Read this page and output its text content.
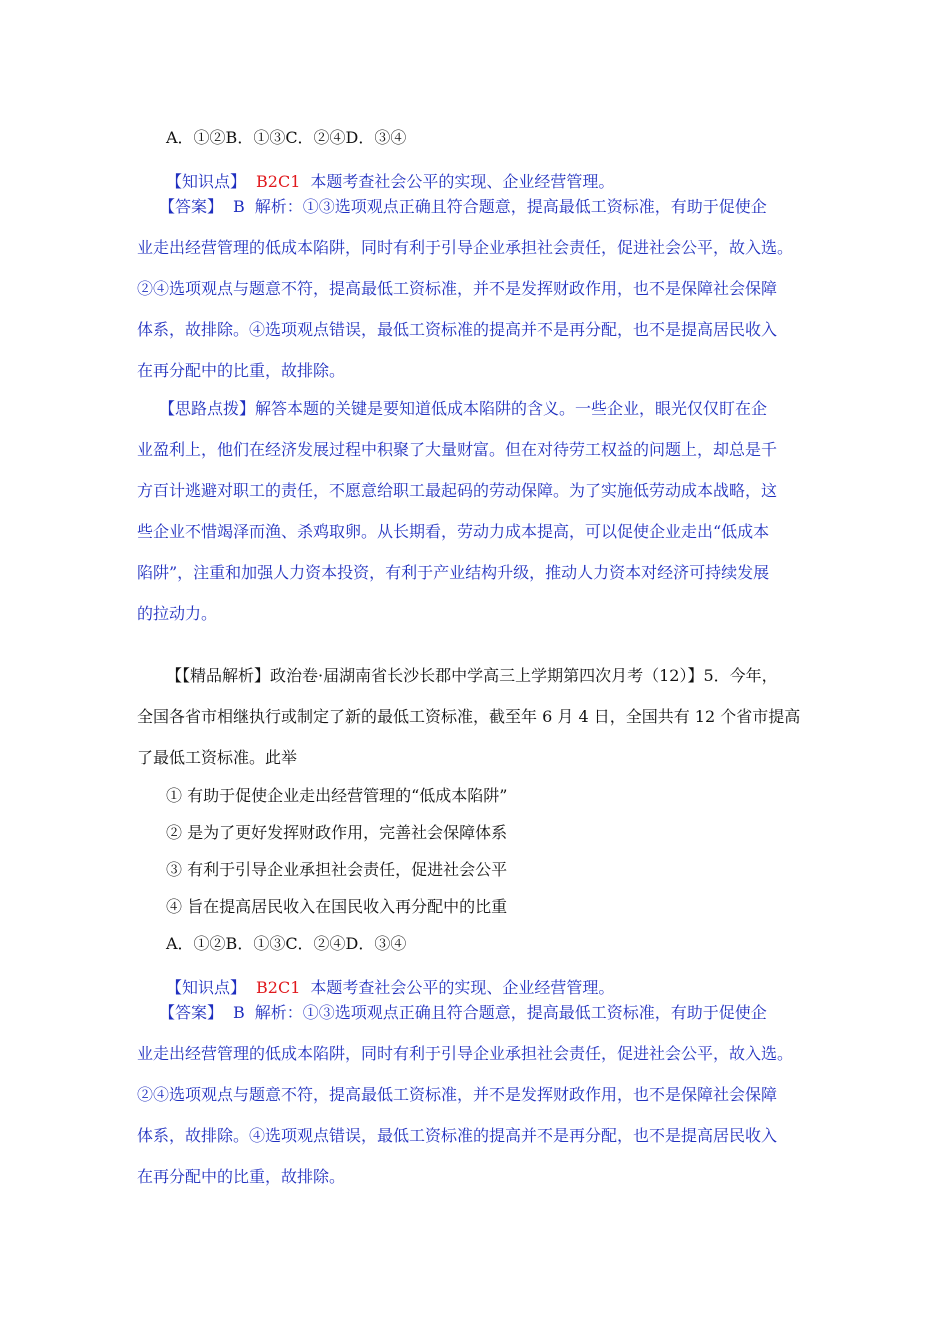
A．①②B．①③C．②④D．③④
【知识点】 B2C1 本题考查社会公平的实现、企业经营管理。
【答案】 B 解析：①③选项观点正确且符合题意，提高最低工资标准，有助于促使企
业走出经营管理的低成本陷阱，同时有利于引导企业承担社会责任，促进社会公平，故入选。
②④选项观点与题意不符，提高最低工资标准，并不是发挥财政作用，也不是保障社会保障
体系，故排除。④选项观点错误，最低工资标准的提高并不是再分配，也不是提高居民收入
在再分配中的比重，故排除。
【思路点拨】解答本题的关键是要知道低成本陷阱的含义。一些企业，眼光仅仅盯在企
业盈利上，他们在经济发展过程中积聚了大量财富。但在对待劳工权益的问题上，却总是千
方百计逃避对职工的责任，不愿意给职工最起码的劳动保障。为了实施低劳动成本战略，这
些企业不惜竭泽而渔、杀鸡取卵。从长期看，劳动力成本提高，可以促使企业走出“低成本
陷阱”，注重和加强人力资本投资，有利于产业结构升级，推动人力资本对经济可持续发展
的拉动力。
【【精品解析】政治卷·届湖南省长沙长郡中学高三上学期第四次月考（12）】5．今年，
全国各省市相继执行或制定了新的最低工资标准，截至年 6 月 4 日，全国共有 12 个省市提高
了最低工资标准。此举
① 有助于促使企业走出经营管理的“低成本陷阱”
② 是为了更好发挥财政作用，完善社会保障体系
③ 有利于引导企业承担社会责任，促进社会公平
④ 旨在提高居民收入在国民收入再分配中的比重
A．①②B．①③C．②④D．③④
【知识点】 B2C1 本题考查社会公平的实现、企业经营管理。
【答案】 B 解析：①③选项观点正确且符合题意，提高最低工资标准，有助于促使企
业走出经营管理的低成本陷阱，同时有利于引导企业承担社会责任，促进社会公平，故入选。
②④选项观点与题意不符，提高最低工资标准，并不是发挥财政作用，也不是保障社会保障
体系，故排除。④选项观点错误，最低工资标准的提高并不是再分配，也不是提高居民收入
在再分配中的比重，故排除。
